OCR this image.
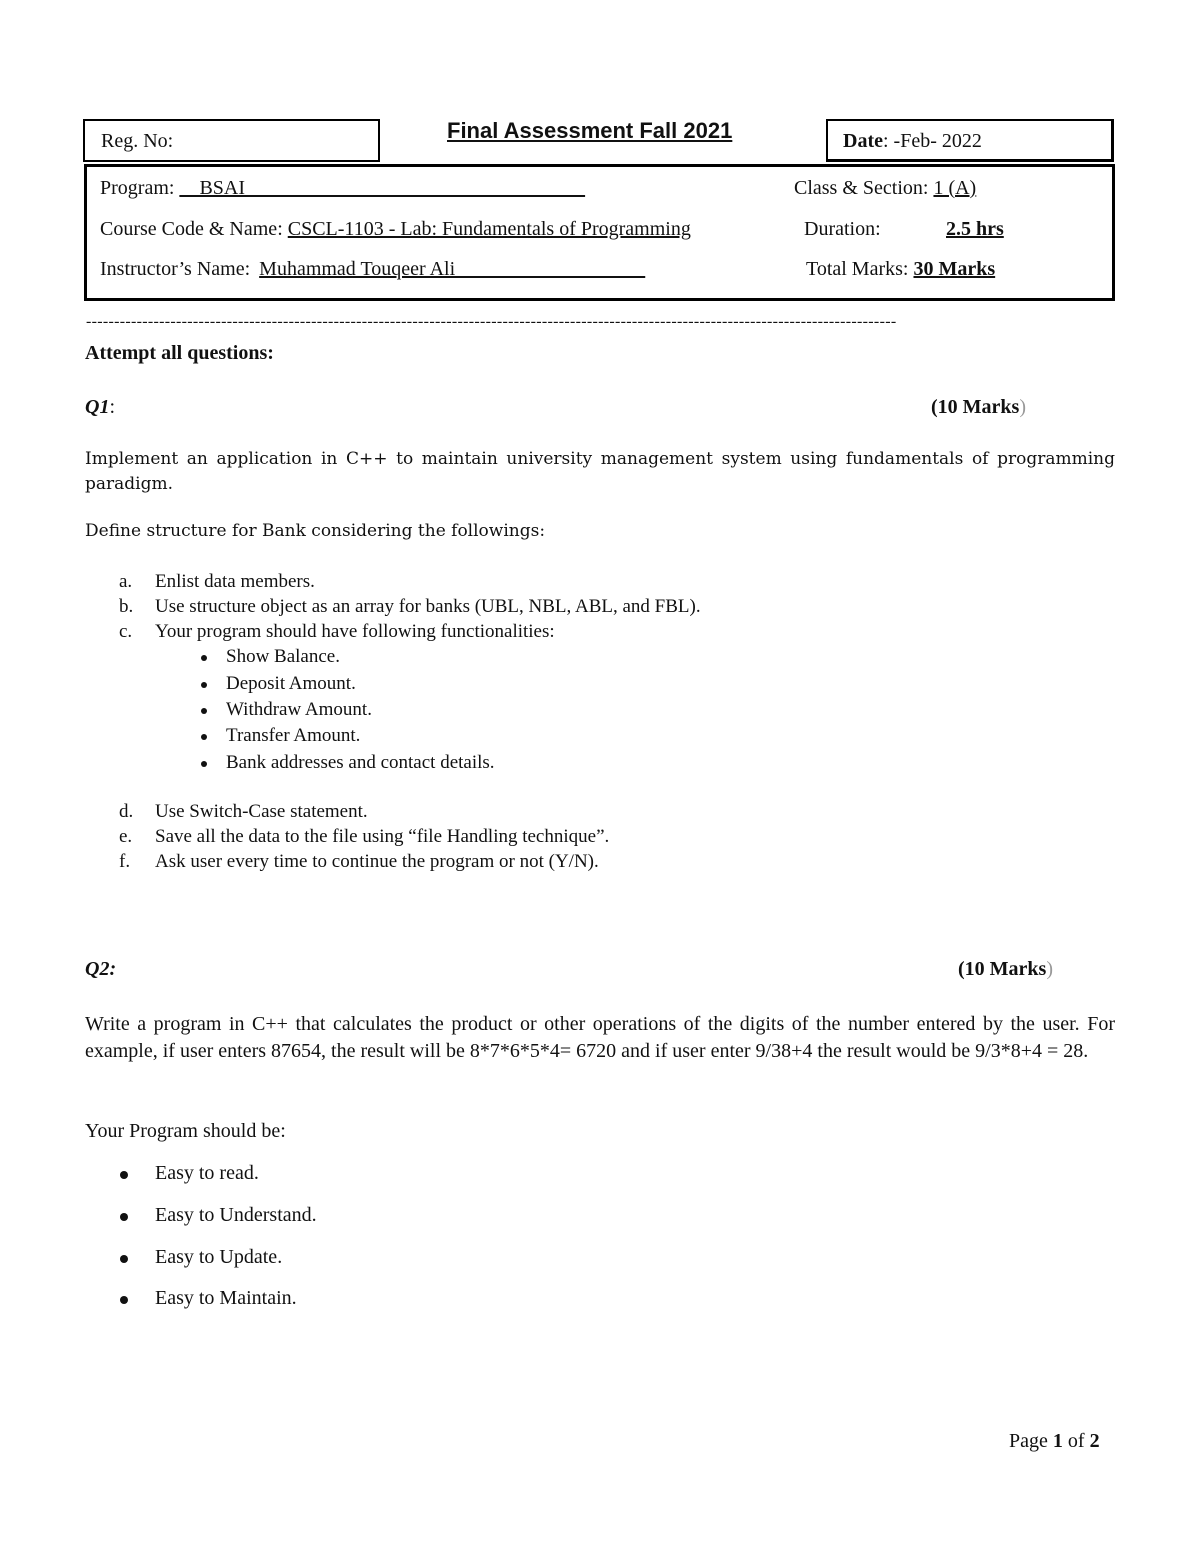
Reg. No:	Final Assessment Fall 2021	Date: -Feb- 2022
Program: __BSAI__________________________________	Class & Section: 1 (A)
Course Code & Name: CSCL-1103 - Lab: Fundamentals of Programming	Duration:	2.5 hrs
Instructor’s Name: Muhammad Touqeer Ali___________________	Total Marks: 30 Marks
------------------------------------------------------------------------------------------------------------------------------------------------
Attempt all questions:
Q1:	(10 Marks)
Implement an application in C++ to maintain university management system using fundamentals of programming paradigm.
Define structure for Bank considering the followings:
a. Enlist data members.
b. Use structure object as an array for banks (UBL, NBL, ABL, and FBL).
c. Your program should have following functionalities:
Show Balance.
Deposit Amount.
Withdraw Amount.
Transfer Amount.
Bank addresses and contact details.
d. Use Switch-Case statement.
e. Save all the data to the file using “file Handling technique”.
f. Ask user every time to continue the program or not (Y/N).
Q2:	(10 Marks)
Write a program in C++ that calculates the product or other operations of the digits of the number entered by the user. For example, if user enters 87654, the result will be 8*7*6*5*4= 6720 and if user enter 9/38+4 the result would be 9/3*8+4 = 28.
Your Program should be:
Easy to read.
Easy to Understand.
Easy to Update.
Easy to Maintain.
Page 1 of 2
